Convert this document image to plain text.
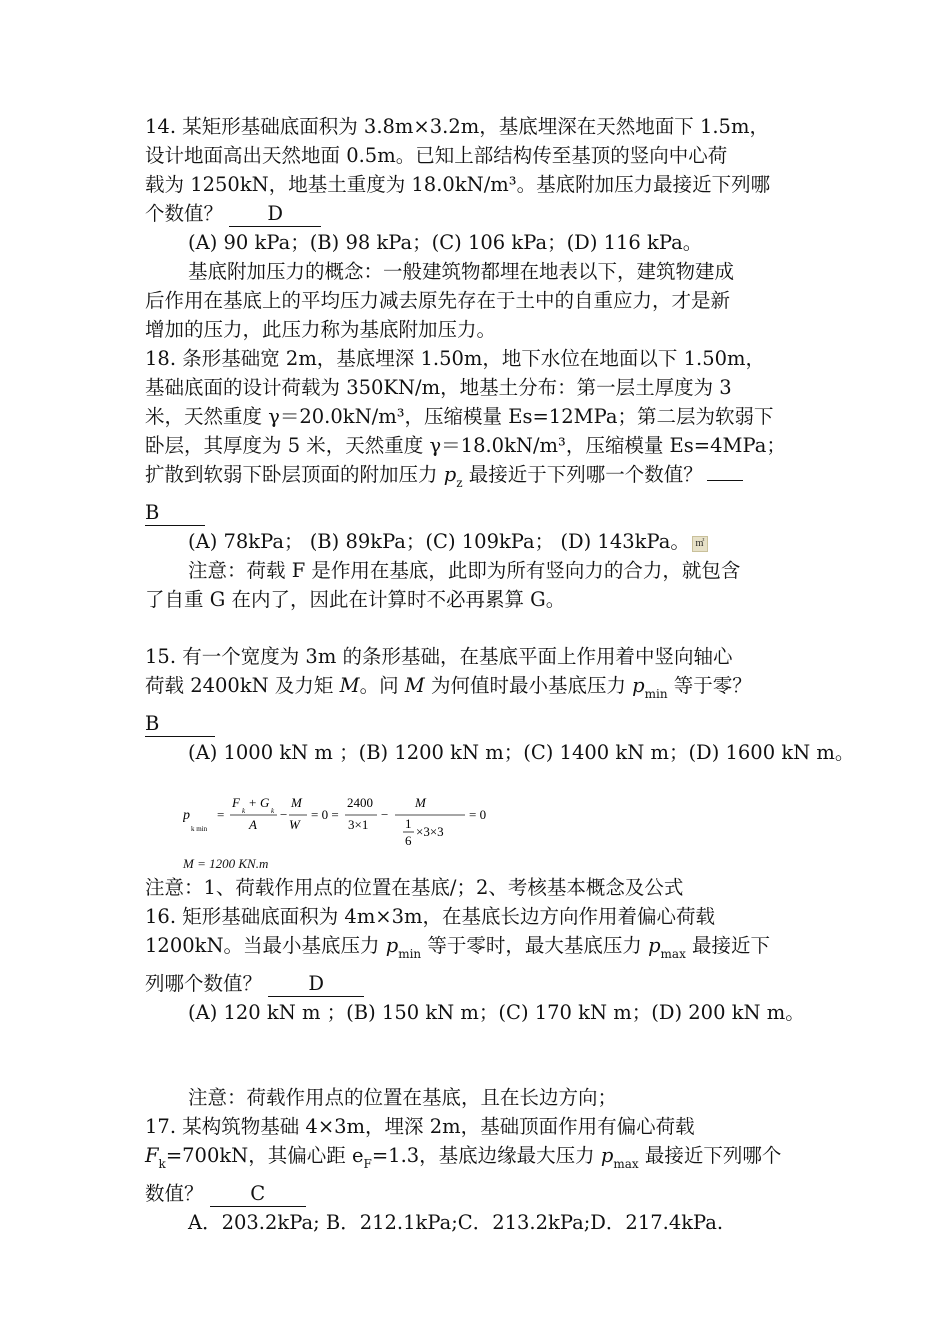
14. 某矩形基础底面积为 3.8m×3.2m，基底埋深在天然地面下 1.5m，

设计地面高出天然地面 0.5m。已知上部结构传至基顶的竖向中心荷

载为 1250kN，地基土重度为 18.0kN/m³。基底附加压力最接近下列哪

个数值？ D

(A) 90 kPa；(B) 98 kPa；(C) 106 kPa；(D) 116 kPa。

基底附加压力的概念：一般建筑物都埋在地表以下，建筑物建成

后作用在基底上的平均压力减去原先存在于土中的自重应力，才是新

增加的压力，此压力称为基底附加压力。

18. 条形基础宽 2m，基底埋深 1.50m，地下水位在地面以下 1.50m，

基础底面的设计荷载为 350KN/m，地基土分布：第一层土厚度为 3

米，天然重度 γ＝20.0kN/m³，压缩模量 Es=12MPa；第二层为软弱下

卧层，其厚度为 5 米，天然重度 γ＝18.0kN/m³，压缩模量 Es=4MPa；

扩散到软弱下卧层顶面的附加压力 $p_z$ 最接近于下列哪一个数值？

B

(A) 78kPa； (B) 89kPa；(C) 109kPa； (D) 143kPa。 ㎡

注意：荷载 F 是作用在基底，此即为所有竖向力的合力，就包含

了自重 G 在内了，因此在计算时不必再累算 G。

15. 有一个宽度为 3m 的条形基础，在基底平面上作用着中竖向轴心

荷载 2400kN 及力矩 M。问 M 为何值时最小基底压力 $p_{min}$ 等于零？

B

(A) 1000 kN m ；(B) 1200 kN m；(C) 1400 kN m；(D) 1600 kN m。

p
k min
=
F
k
+ G
k
A
−
M
W
= 0 =
2400
3×1
−
M
1
6
×3×3
= 0
M = 1200 KN.m

注意：1、荷载作用点的位置在基底/；2、考核基本概念及公式

16. 矩形基础底面积为 4m×3m，在基底长边方向作用着偏心荷载

1200kN。当最小基底压力 $p_{min}$ 等于零时，最大基底压力 $p_{max}$ 最接近下

列哪个数值？ D

(A) 120 kN m ；(B) 150 kN m；(C) 170 kN m；(D) 200 kN m。

注意：荷载作用点的位置在基底，且在长边方向；

17. 某构筑物基础 4×3m，埋深 2m，基础顶面作用有偏心荷载

$F_k=700kN$，其偏心距 $e_F=1.3$，基底边缘最大压力 $p_{max}$ 最接近下列哪个

数值？ C

A．203.2kPa; B．212.1kPa;C．213.2kPa;D．217.4kPa.
